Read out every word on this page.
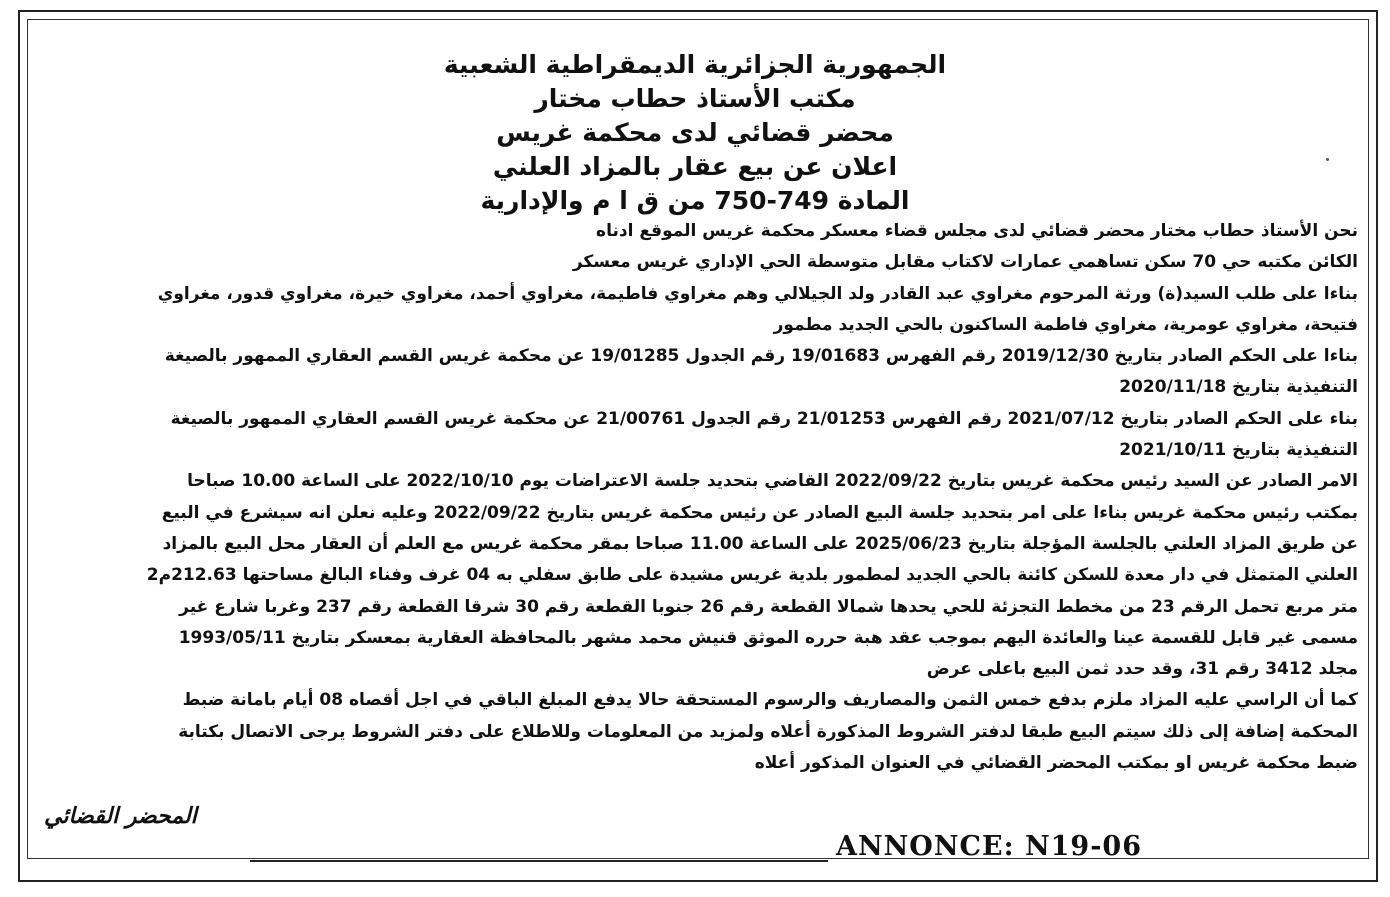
الجمهورية الجزائرية الديمقراطية الشعبية
مكتب الأستاذ حطاب مختار
محضر قضائي لدى محكمة غريس
اعلان عن بيع عقار بالمزاد العلني
المادة 749-750 من ق ا م والإدارية
نحن الأستاذ حطاب مختار محضر قضائي لدى مجلس قضاء معسكر محكمة غريس الموقع ادناه
الكائن مكتبه حي 70 سكن تساهمي عمارات لاكتاب مقابل متوسطة الحي الإداري غريس معسكر
بناءا على طلب السيد(ة) ورثة المرحوم مغراوي عبد القادر ولد الجيلالي وهم مغراوي فاطيمة، مغراوي أحمد، مغراوي خيرة، مغراوي قدور، مغراوي
فتيحة، مغراوي عومرية، مغراوي فاطمة الساكنون بالحي الجديد مطمور
بناءا على الحكم الصادر بتاريخ 2019/12/30 رقم الفهرس 19/01683 رقم الجدول 19/01285 عن محكمة غريس القسم العقاري الممهور بالصيغة
التنفيذية بتاريخ 2020/11/18
بناء على الحكم الصادر بتاريخ 2021/07/12 رقم الفهرس 21/01253 رقم الجدول 21/00761 عن محكمة غريس القسم العقاري الممهور بالصيغة
التنفيذية بتاريخ 2021/10/11
الامر الصادر عن السيد رئيس محكمة غريس بتاريخ 2022/09/22 القاضي بتحديد جلسة الاعتراضات يوم 2022/10/10 على الساعة 10.00 صباحا
بمكتب رئيس محكمة غريس بناءا على امر بتحديد جلسة البيع الصادر عن رئيس محكمة غريس بتاريخ 2022/09/22 وعليه نعلن انه سيشرع في البيع
عن طريق المزاد العلني بالجلسة المؤجلة بتاريخ 2025/06/23 على الساعة 11.00 صباحا بمقر محكمة غريس مع العلم أن العقار محل البيع بالمزاد
العلني المتمثل في دار معدة للسكن كائنة بالحي الجديد لمطمور بلدية غريس مشيدة على طابق سفلي به 04 غرف وفناء البالغ مساحتها 212.63م2
متر مربع تحمل الرقم 23 من مخطط التجزئة للحي يحدها شمالا القطعة رقم 26 جنوبا القطعة رقم 30 شرقا القطعة رقم 237 وغربا شارع غير
مسمى غير قابل للقسمة عينا والعائدة اليهم بموجب عقد هبة حرره الموثق قنيش محمد مشهر بالمحافظة العقارية بمعسكر بتاريخ 1993/05/11
مجلد 3412 رقم 31، وقد حدد ثمن البيع باعلى عرض
كما أن الراسي عليه المزاد ملزم بدفع خمس الثمن والمصاريف والرسوم المستحقة حالا يدفع المبلغ الباقي في اجل أقصاه 08 أيام بامانة ضبط
المحكمة إضافة إلى ذلك سيتم البيع طبقا لدفتر الشروط المذكورة أعلاه ولمزيد من المعلومات وللاطلاع على دفتر الشروط يرجى الاتصال بكتابة
ضبط محكمة غريس او بمكتب المحضر القضائي في العنوان المذكور أعلاه
المحضر القضائي
ANNONCE: N19-06
